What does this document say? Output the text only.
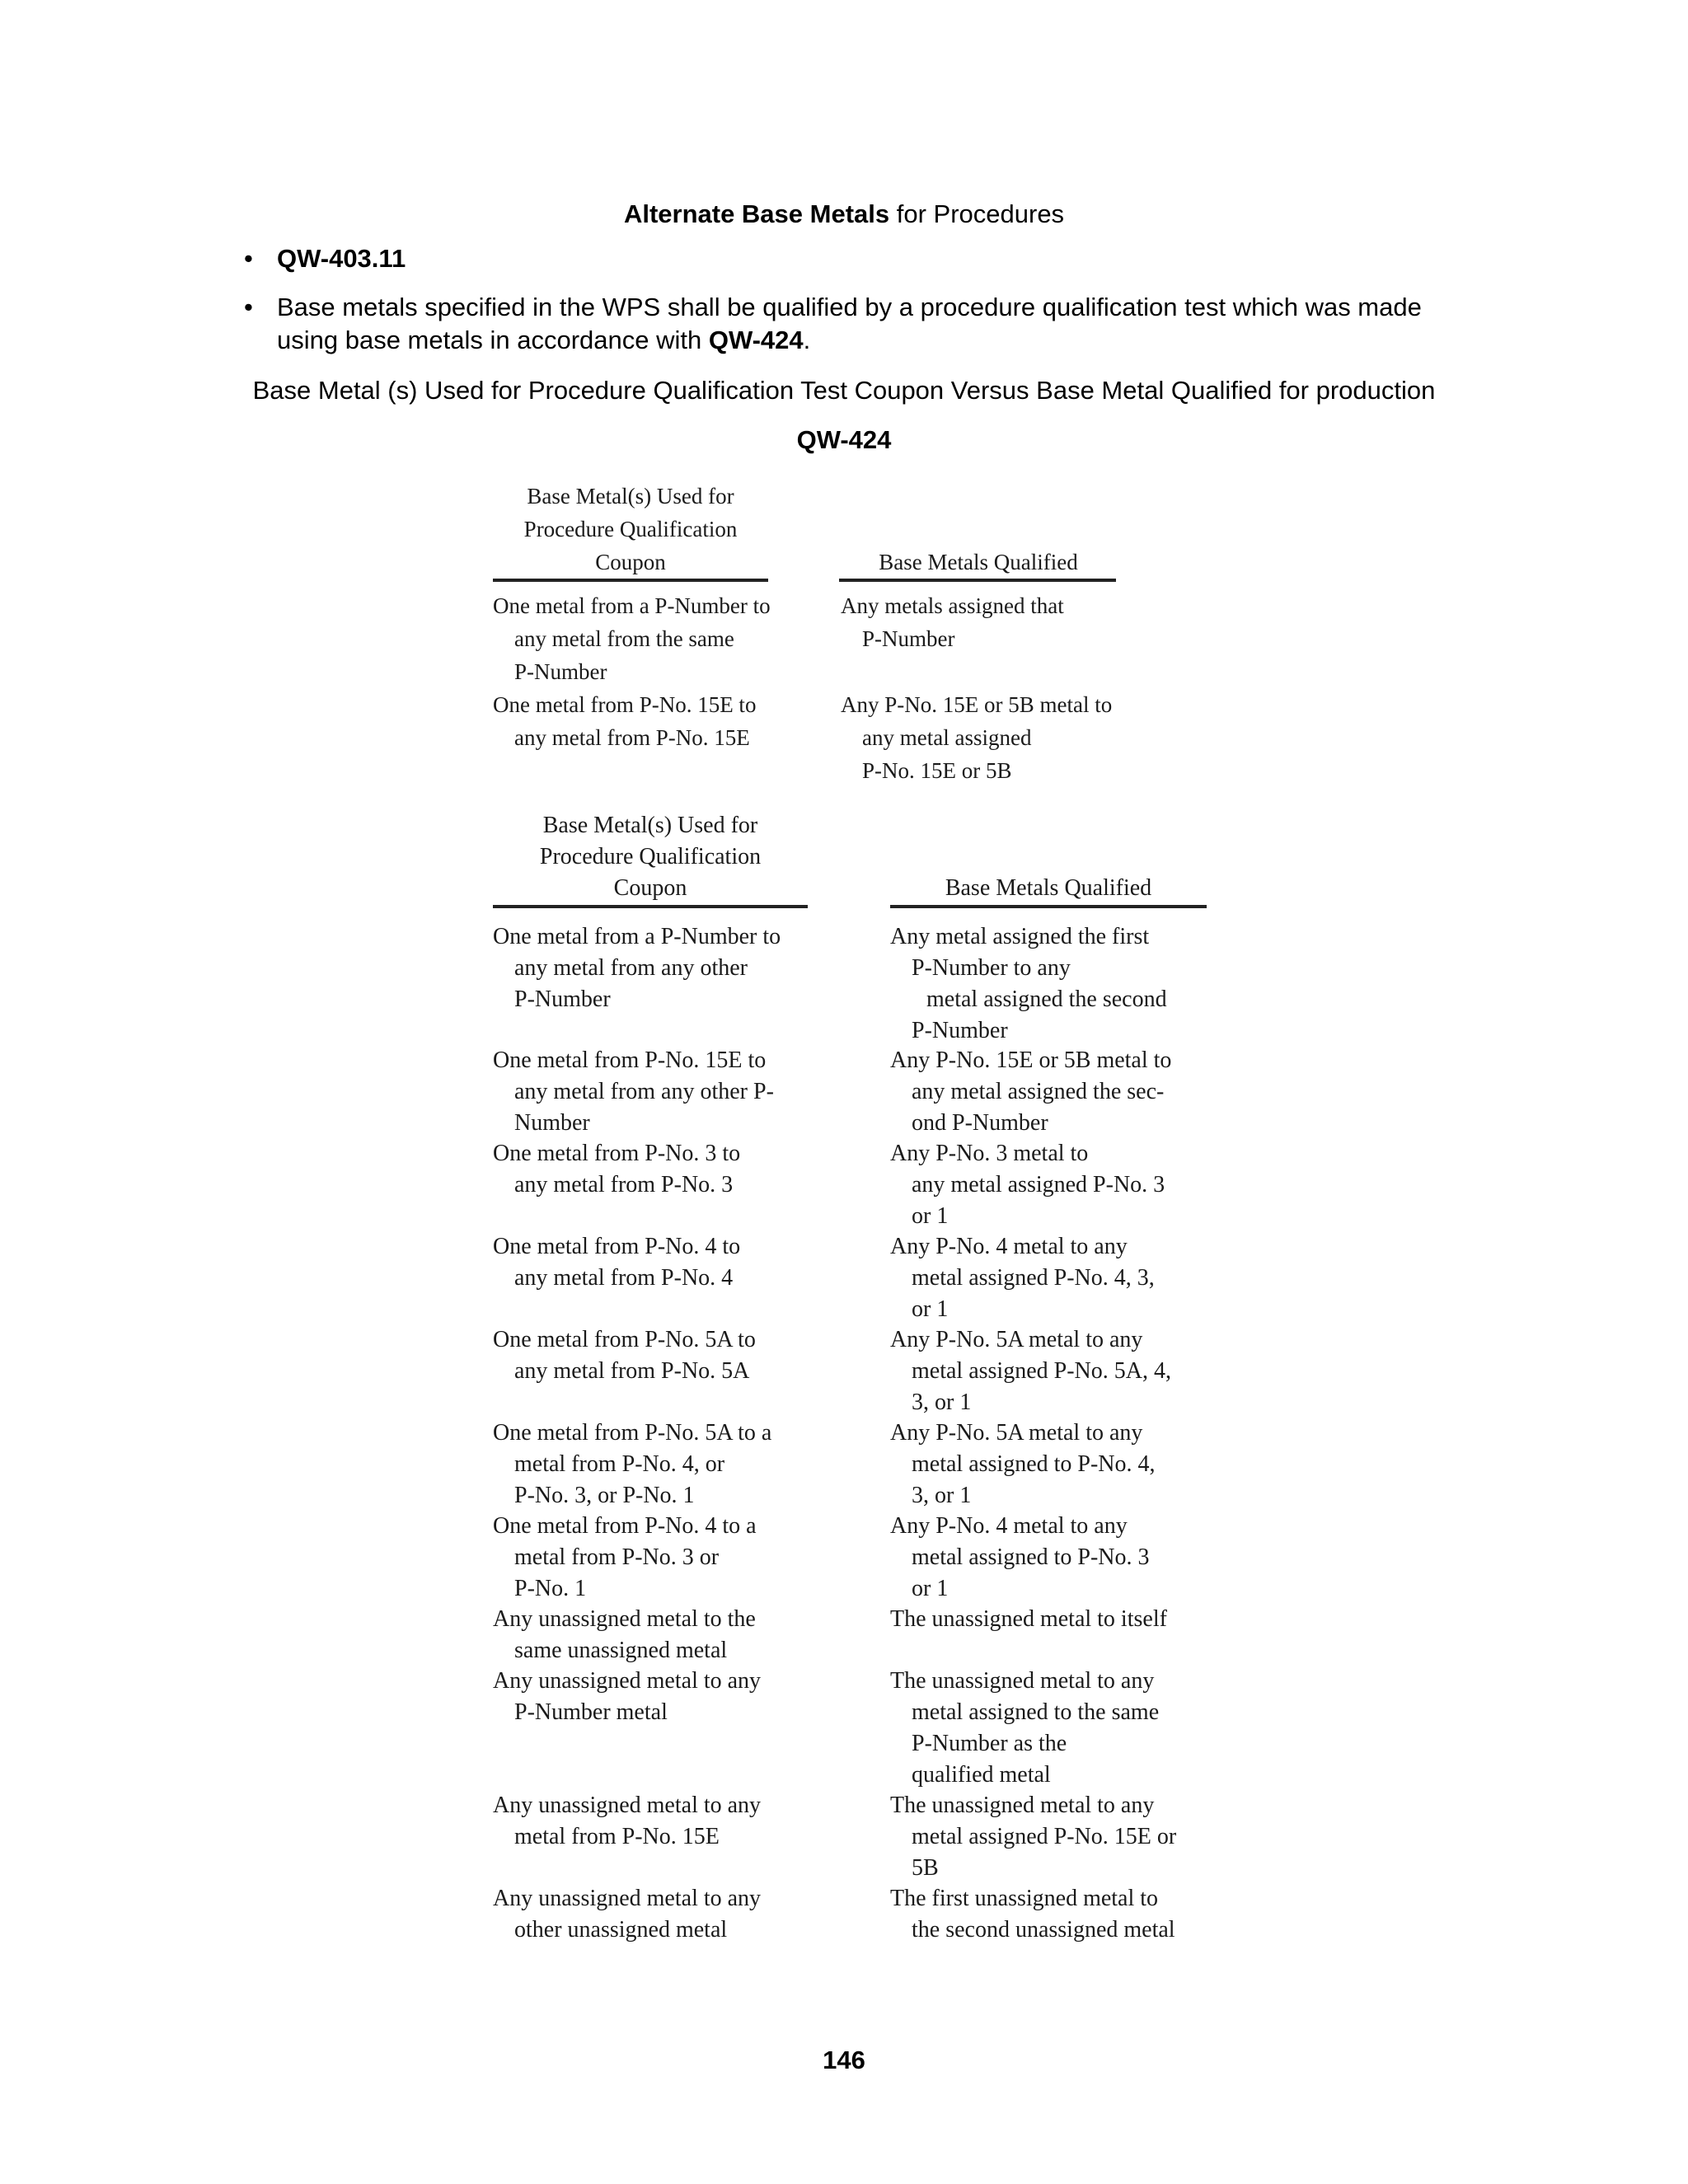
Alternate Base Metals for Procedures
• QW-403.11
• Base metals specified in the WPS shall be qualified by a procedure qualification test which was made using base metals in accordance with QW-424.
Base Metal (s) Used for Procedure Qualification Test Coupon Versus Base Metal Qualified for production
QW-424
Base Metal(s) Used for
Procedure Qualification
Coupon	Base Metals Qualified
One metal from a P-Number to
any metal from the same
P-Number
Any metals assigned that
P-Number
One metal from P-No. 15E to
any metal from P-No. 15E
Any P-No. 15E or 5B metal to
any metal assigned
P-No. 15E or 5B
Base Metal(s) Used for
Procedure Qualification
Coupon	Base Metals Qualified
One metal from a P-Number to
any metal from any other
P-Number
Any metal assigned the first
P-Number to any
metal assigned the second
P-Number
One metal from P-No. 15E to
any metal from any other P-
Number
Any P-No. 15E or 5B metal to
any metal assigned the sec-
ond P-Number
One metal from P-No. 3 to
any metal from P-No. 3
Any P-No. 3 metal to
any metal assigned P-No. 3
or 1
One metal from P-No. 4 to
any metal from P-No. 4
Any P-No. 4 metal to any
metal assigned P-No. 4, 3,
or 1
One metal from P-No. 5A to
any metal from P-No. 5A
Any P-No. 5A metal to any
metal assigned P-No. 5A, 4,
3, or 1
One metal from P-No. 5A to a
metal from P-No. 4, or
P-No. 3, or P-No. 1
Any P-No. 5A metal to any
metal assigned to P-No. 4,
3, or 1
One metal from P-No. 4 to a
metal from P-No. 3 or
P-No. 1
Any P-No. 4 metal to any
metal assigned to P-No. 3
or 1
Any unassigned metal to the
same unassigned metal
The unassigned metal to itself
Any unassigned metal to any
P-Number metal
The unassigned metal to any
metal assigned to the same
P-Number as the
qualified metal
Any unassigned metal to any
metal from P-No. 15E
The unassigned metal to any
metal assigned P-No. 15E or
5B
Any unassigned metal to any
other unassigned metal
The first unassigned metal to
the second unassigned metal
146
